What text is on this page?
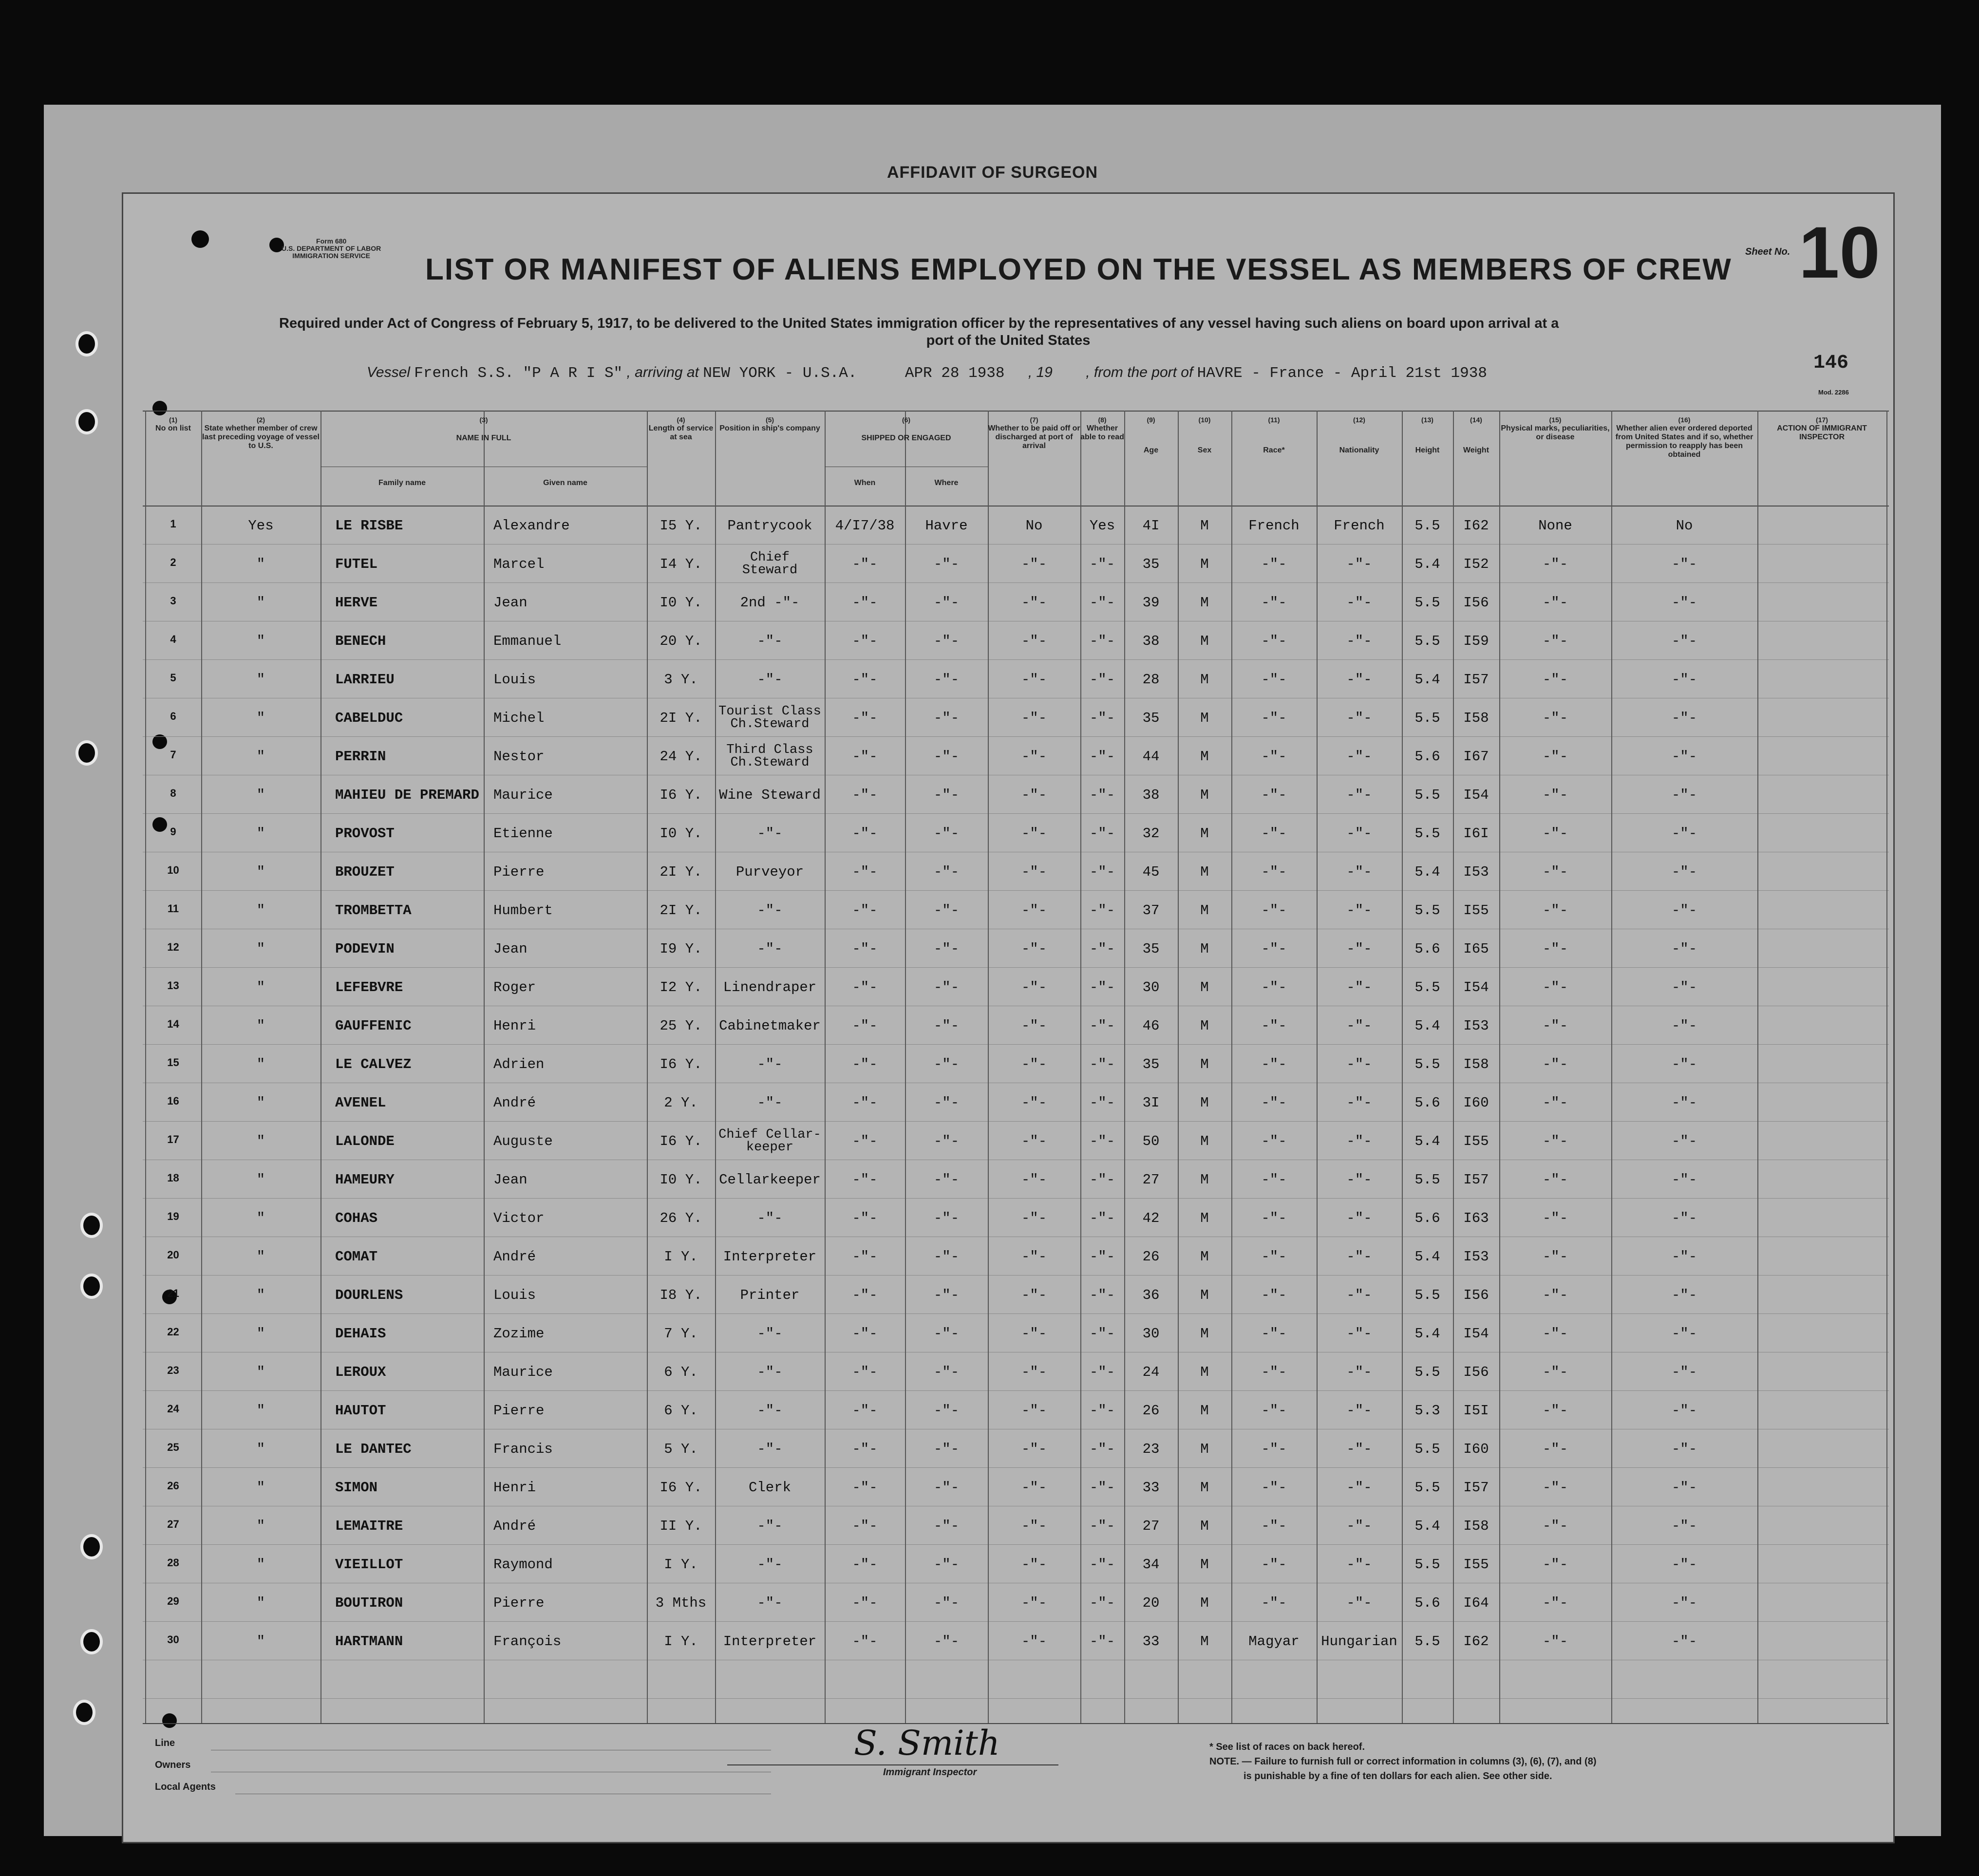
AFFIDAVIT OF SURGEON
Form 680
U.S. DEPARTMENT OF LABOR
IMMIGRATION SERVICE	LIST OR MANIFEST OF ALIENS EMPLOYED ON THE VESSEL AS MEMBERS OF CREW
Sheet No. 10
Required under Act of Congress of February 5, 1917, to be delivered to the United States immigration officer by the representatives of any vessel having such aliens on board upon arrival at a
port of the United States
Vessel French S.S. "P A R I S" , arriving at NEW YORK - U.S.A.	APR 28 1938 , 19 , from the port of HAVRE - France - April 21st 1938	146
Mod. 2286
(1)
No on list
(2)
State whether member of crew last preceding voyage of vessel to U.S.
(3)
NAME IN FULL
(4)
Length of service at sea
(5)
Position in ship's company
(6)
SHIPPED OR ENGAGED
(7)
Whether to be paid off or discharged at port of arrival
(8)
Whether able to read
(9)
Age
(10)
Sex
(11)
Race*
(12)
Nationality
(13)
Height
(14)
Weight
(15)
Physical marks, peculiarities, or disease
(16)
Whether alien ever ordered deported from United States and if so, whether permission to reapply has been obtained
(17)
ACTION OF IMMIGRANT INSPECTOR
Family name	Given name	When	Where
1	Yes	LE RISBE	Alexandre	I5 Y.	Pantrycook	4/I7/38	Havre	No	Yes	4I	M	French	French	5.5	I62	None	No
2	"	FUTEL	Marcel	I4 Y.	Chief
Steward	-"-	-"-	-"-	-"-	35	M	-"-	-"-	5.4	I52	-"-	-"-
3	"	HERVE	Jean	I0 Y.	2nd -"-	-"-	-"-	-"-	-"-	39	M	-"-	-"-	5.5	I56	-"-	-"-
4	"	BENECH	Emmanuel	20 Y.	-"-	-"-	-"-	-"-	-"-	38	M	-"-	-"-	5.5	I59	-"-	-"-
5	"	LARRIEU	Louis	3 Y.	-"-	-"-	-"-	-"-	-"-	28	M	-"-	-"-	5.4	I57	-"-	-"-
6	"	CABELDUC	Michel	2I Y.	Tourist Class
Ch.Steward	-"-	-"-	-"-	-"-	35	M	-"-	-"-	5.5	I58	-"-	-"-
7	"	PERRIN	Nestor	24 Y.	Third Class
Ch.Steward	-"-	-"-	-"-	-"-	44	M	-"-	-"-	5.6	I67	-"-	-"-
8	"	MAHIEU DE PREMARD	Maurice	I6 Y.	Wine Steward	-"-	-"-	-"-	-"-	38	M	-"-	-"-	5.5	I54	-"-	-"-
9	"	PROVOST	Etienne	I0 Y.	-"-	-"-	-"-	-"-	-"-	32	M	-"-	-"-	5.5	I6I	-"-	-"-
10	"	BROUZET	Pierre	2I Y.	Purveyor	-"-	-"-	-"-	-"-	45	M	-"-	-"-	5.4	I53	-"-	-"-
11	"	TROMBETTA	Humbert	2I Y.	-"-	-"-	-"-	-"-	-"-	37	M	-"-	-"-	5.5	I55	-"-	-"-
12	"	PODEVIN	Jean	I9 Y.	-"-	-"-	-"-	-"-	-"-	35	M	-"-	-"-	5.6	I65	-"-	-"-
13	"	LEFEBVRE	Roger	I2 Y.	Linendraper	-"-	-"-	-"-	-"-	30	M	-"-	-"-	5.5	I54	-"-	-"-
14	"	GAUFFENIC	Henri	25 Y.	Cabinetmaker	-"-	-"-	-"-	-"-	46	M	-"-	-"-	5.4	I53	-"-	-"-
15	"	LE CALVEZ	Adrien	I6 Y.	-"-	-"-	-"-	-"-	-"-	35	M	-"-	-"-	5.5	I58	-"-	-"-
16	"	AVENEL	André	2 Y.	-"-	-"-	-"-	-"-	-"-	3I	M	-"-	-"-	5.6	I60	-"-	-"-
17	"	LALONDE	Auguste	I6 Y.	Chief Cellar-
keeper	-"-	-"-	-"-	-"-	50	M	-"-	-"-	5.4	I55	-"-	-"-
18	"	HAMEURY	Jean	I0 Y.	Cellarkeeper	-"-	-"-	-"-	-"-	27	M	-"-	-"-	5.5	I57	-"-	-"-
19	"	COHAS	Victor	26 Y.	-"-	-"-	-"-	-"-	-"-	42	M	-"-	-"-	5.6	I63	-"-	-"-
20	"	COMAT	André	I Y.	Interpreter	-"-	-"-	-"-	-"-	26	M	-"-	-"-	5.4	I53	-"-	-"-
21	"	DOURLENS	Louis	I8 Y.	Printer	-"-	-"-	-"-	-"-	36	M	-"-	-"-	5.5	I56	-"-	-"-
22	"	DEHAIS	Zozime	7 Y.	-"-	-"-	-"-	-"-	-"-	30	M	-"-	-"-	5.4	I54	-"-	-"-
23	"	LEROUX	Maurice	6 Y.	-"-	-"-	-"-	-"-	-"-	24	M	-"-	-"-	5.5	I56	-"-	-"-
24	"	HAUTOT	Pierre	6 Y.	-"-	-"-	-"-	-"-	-"-	26	M	-"-	-"-	5.3	I5I	-"-	-"-
25	"	LE DANTEC	Francis	5 Y.	-"-	-"-	-"-	-"-	-"-	23	M	-"-	-"-	5.5	I60	-"-	-"-
26	"	SIMON	Henri	I6 Y.	Clerk	-"-	-"-	-"-	-"-	33	M	-"-	-"-	5.5	I57	-"-	-"-
27	"	LEMAITRE	André	II Y.	-"-	-"-	-"-	-"-	-"-	27	M	-"-	-"-	5.4	I58	-"-	-"-
28	"	VIEILLOT	Raymond	I Y.	-"-	-"-	-"-	-"-	-"-	34	M	-"-	-"-	5.5	I55	-"-	-"-
29	"	BOUTIRON	Pierre	3 Mths	-"-	-"-	-"-	-"-	-"-	20	M	-"-	-"-	5.6	I64	-"-	-"-
30	"	HARTMANN	François	I Y.	Interpreter	-"-	-"-	-"-	-"-	33	M	Magyar	Hungarian	5.5	I62	-"-	-"-
Line
Owners
Local Agents
S. Smith
Immigrant Inspector
* See list of races on back hereof.
NOTE. — Failure to furnish full or correct information in columns (3), (6), (7), and (8)
is punishable by a fine of ten dollars for each alien. See other side.
